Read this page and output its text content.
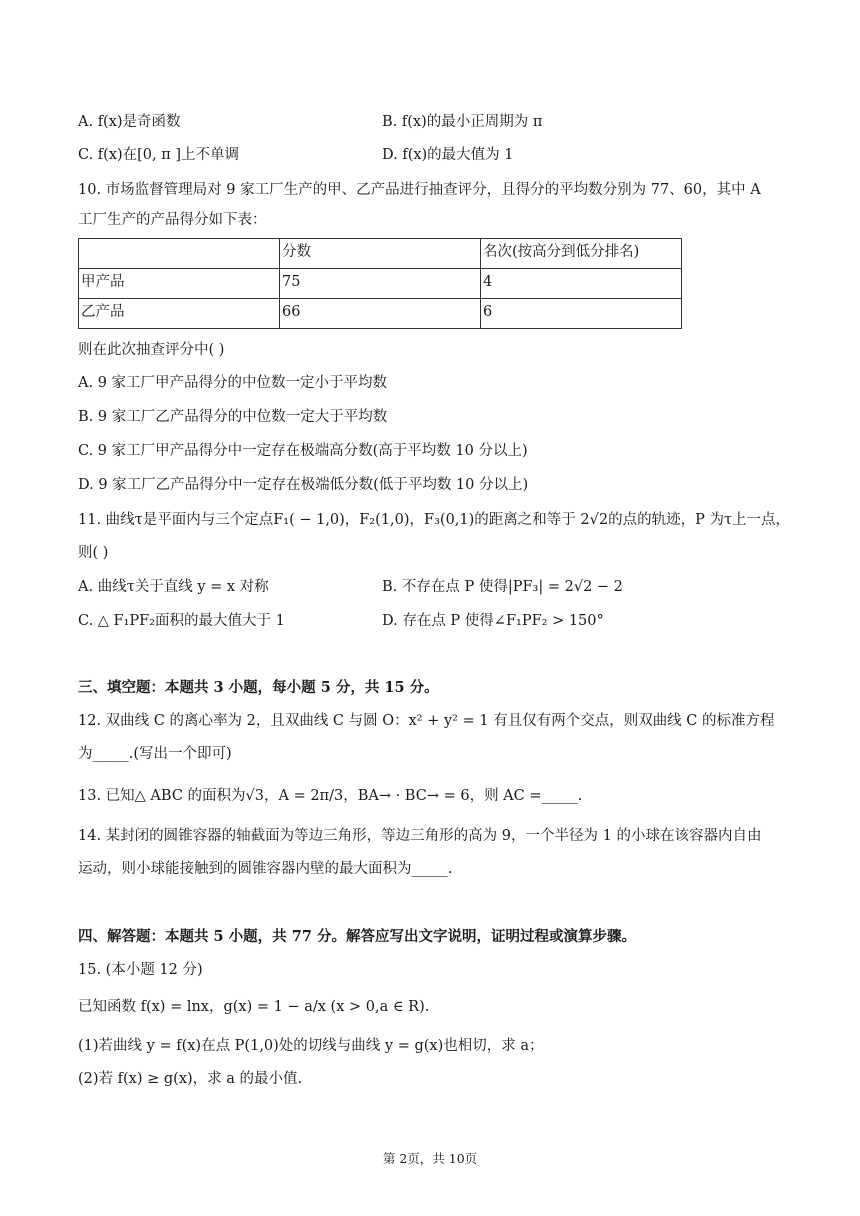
A. f(x)是奇函数	B. f(x)的最小正周期为 π
C. f(x)在[0, π ]上不单调	D. f(x)的最大值为 1
10. 市场监督管理局对 9 家工厂生产的甲、乙产品进行抽查评分，且得分的平均数分别为 77、60，其中 A
工厂生产的产品得分如下表：
	分数	名次(按高分到低分排名)
甲产品	75	4
乙产品	66	6
则在此次抽查评分中( )
A. 9 家工厂甲产品得分的中位数一定小于平均数
B. 9 家工厂乙产品得分的中位数一定大于平均数
C. 9 家工厂甲产品得分中一定存在极端高分数(高于平均数 10 分以上)
D. 9 家工厂乙产品得分中一定存在极端低分数(低于平均数 10 分以上)
11. 曲线τ是平面内与三个定点F₁( − 1,0)，F₂(1,0)，F₃(0,1)的距离之和等于 2√2的点的轨迹，P 为τ上一点，
则( )
A. 曲线τ关于直线 y = x 对称	B. 不存在点 P 使得|PF₃| = 2√2 − 2
C. △ F₁PF₂面积的最大值大于 1	D. 存在点 P 使得∠F₁PF₂ > 150°
三、填空题：本题共 3 小题，每小题 5 分，共 15 分。
12. 双曲线 C 的离心率为 2，且双曲线 C 与圆 O：x² + y² = 1 有且仅有两个交点，则双曲线 C 的标准方程
为_____.(写出一个即可)
13. 已知△ ABC 的面积为√3，A = 2π/3，BA→ · BC→ = 6，则 AC =_____.
14. 某封闭的圆锥容器的轴截面为等边三角形，等边三角形的高为 9，一个半径为 1 的小球在该容器内自由
运动，则小球能接触到的圆锥容器内壁的最大面积为_____.
四、解答题：本题共 5 小题，共 77 分。解答应写出文字说明，证明过程或演算步骤。
15. (本小题 12 分)
已知函数 f(x) = lnx，g(x) = 1 − a/x (x > 0,a ∈ R).
(1)若曲线 y = f(x)在点 P(1,0)处的切线与曲线 y = g(x)也相切，求 a；
(2)若 f(x) ≥ g(x)，求 a 的最小值.
第 2页，共 10页
